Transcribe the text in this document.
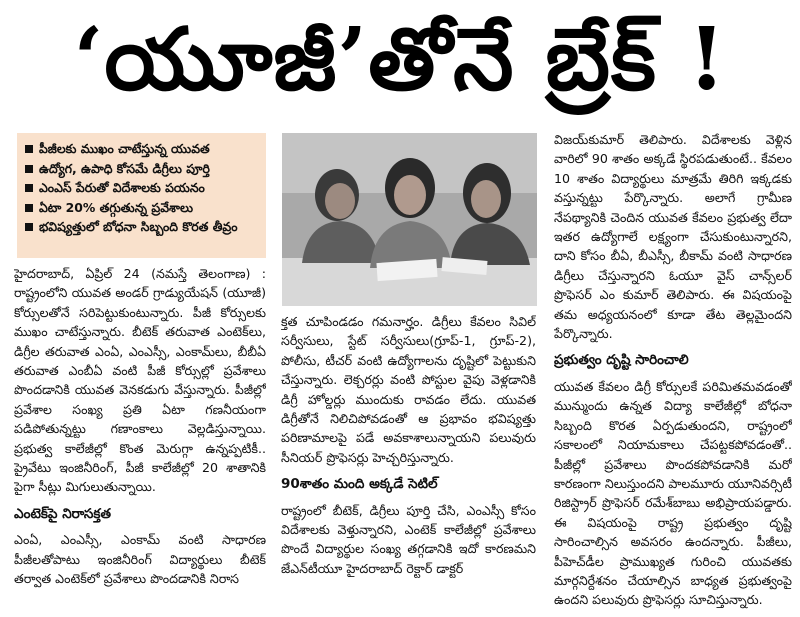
‘యూజీ’తోనే బ్రేక్‌ !
పీజీలకు ముఖం చాటేస్తున్న యువత
ఉద్యోగ, ఉపాధి కోసమే డిగ్రీలు పూర్తి
ఎంఎస్‌ పేరుతో విదేశాలకు పయనం
ఏటా 20% తగ్గుతున్న ప్రవేశాలు
భవిష్యత్తులో బోధనా సిబ్బంది కొరత తీవ్రం

హైదరాబాద్‌, ఏప్రిల్‌ 24 (నమస్తే తెలంగాణ) : రాష్ట్రంలోని యువత అండర్‌ గ్రాడ్యుయేషన్‌ (యూజీ) కోర్సులతోనే సరిపెట్టుకుంటున్నారు. పీజీ కోర్సులకు ముఖం చాటేస్తున్నారు. బీటెక్‌ తరువాత ఎంటెక్‌లు, డిగ్రీల తరువాత ఎంఏ, ఎంఎస్సీ, ఎంకామ్‌లు, బీబీఏ తరువాత ఎంబీఏ వంటి పీజీ కోర్సుల్లో ప్రవేశాలు పొందడానికి యువత వెనకడుగు వేస్తున్నారు. పీజీల్లో ప్రవేశాల సంఖ్య ప్రతి ఏటా గణనీయంగా పడిపోతున్నట్టు గణాంకాలు వెల్లడిస్తున్నాయి. ప్రభుత్వ కాలేజీల్లో కొంత మెరుగ్గా ఉన్నప్పటికీ.. ప్రైవేటు ఇంజినీరింగ్‌, పీజీ కాలేజీల్లో 20 శాతానికి పైగా సీట్లు మిగులుతున్నాయి.

ఎంటెక్‌పై నిరాసక్తత

ఎంఏ, ఎంఎస్సీ, ఎంకామ్‌ వంటి సాధారణ పీజీలతోపాటు ఇంజినీరింగ్‌ విద్యార్థులు బీటెక్‌ తర్వాత ఎంటెక్‌లో ప్రవేశాలు పొందడానికి నిరాస

క్తత చూపిండడం గమనార్హం. డిగ్రీలు కేవలం సివిల్‌ సర్వీసులు, స్టేట్‌ సర్వీసులు(గ్రూప్‌-1, గ్రూప్‌-2), పోలీసు, టీచర్‌ వంటి ఉద్యోగాలను దృష్టిలో పెట్టుకుని చేస్తున్నారు. లెక్చరర్లు వంటి పోస్టుల వైపు వెళ్లడానికి డిగ్రీ హోల్డర్లు ముందుకు రావడం లేదు. యువత డిగ్రీతోనే నిలిచిపోవడంతో ఆ ప్రభావం భవిష్యత్తు పరిణామాలపై పడే అవకాశాలున్నాయని పలువురు సీనియర్‌ ప్రొఫెసర్లు హెచ్చరిస్తున్నారు.

90శాతం మంది అక్కడే సెటిల్‌

రాష్ట్రంలో బీటెక్‌, డిగ్రీలు పూర్తి చేసి, ఎంఎస్సీ కోసం విదేశాలకు వెళ్తున్నారని, ఎంటెక్‌ కాలేజీల్లో ప్రవేశాలు పొందే విద్యార్థుల సంఖ్య తగ్గడానికి ఇదో కారణమని జేఎన్‌టీయూ హైదరాబాద్‌ రెక్టార్‌ డాక్టర్‌

విజయ్‌కుమార్‌ తెలిపారు. విదేశాలకు వెళ్లిన వారిలో 90 శాతం అక్కడే స్థిరపడుతుంటే.. కేవలం 10 శాతం విద్యార్థులు మాత్రమే తిరిగి ఇక్కడకు వస్తున్నట్టు పేర్కొన్నారు. అలాగే గ్రామీణ నేపథ్యానికి చెందిన యువత కేవలం ప్రభుత్వ లేదా ఇతర ఉద్యోగాలే లక్ష్యంగా చేసుకుంటున్నారని, దాని కోసం బీఏ, బీఎస్సీ, బీకామ్‌ వంటి సాధారణ డిగ్రీలు చేస్తున్నారని ఓయూ వైస్‌ చాన్స్‌లర్‌ ప్రొఫెసర్‌ ఎం కుమార్‌ తెలిపారు. ఈ విషయంపై తమ అధ్యయనంలో కూడా తేట తెల్లమైందని పేర్కొన్నారు.

ప్రభుత్వం దృష్టి సారించాలి

యువత కేవలం డిగ్రీ కోర్సులకే పరిమితమవడంతో మున్ముందు ఉన్నత విద్యా కాలేజీల్లో బోధనా సిబ్బంది కొరత ఏర్పడుతుందని, రాష్ట్రంలో సకాలంలో నియామకాలు చేపట్టకపోవడంతో.. పీజీల్లో ప్రవేశాలు పొందకపోవడానికి మరో కారణంగా నిలుస్తుందని పాలమూరు యూనివర్సిటీ రిజిస్ట్రార్‌ ప్రొఫెసర్‌ రమేశ్‌బాబు అభిప్రాయపడ్డారు. ఈ విషయంపై రాష్ట్ర ప్రభుత్వం దృష్టి సారించాల్సిన అవసరం ఉందన్నారు. పీజీలు, పీహెచ్‌డీల ప్రాముఖ్యత గురించి యువతకు మార్గనిర్దేశనం చేయాల్సిన బాధ్యత ప్రభుత్వంపై ఉందని పలువురు ప్రొఫెసర్లు సూచిస్తున్నారు.
